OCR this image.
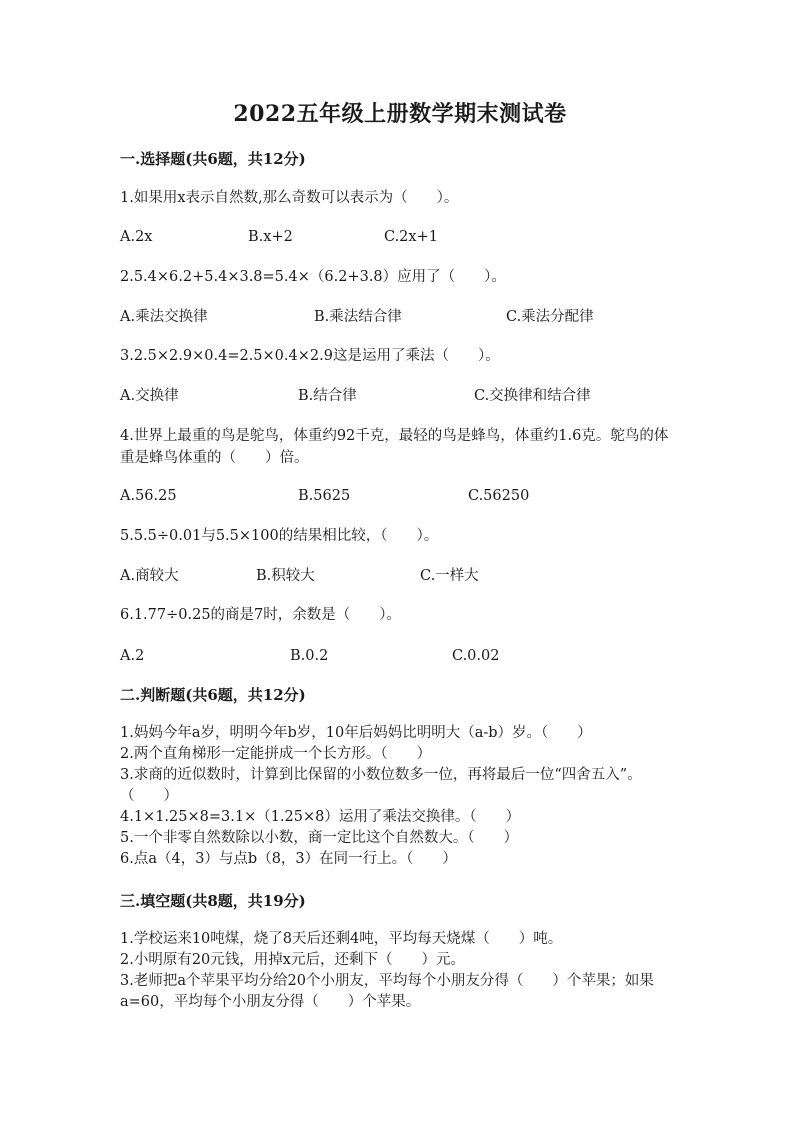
2022五年级上册数学期末测试卷
一.选择题(共6题，共12分)
1.如果用x表示自然数,那么奇数可以表示为（　　）。
A.2x	B.x+2	C.2x+1
2.5.4×6.2+5.4×3.8=5.4×（6.2+3.8）应用了（　　）。
A.乘法交换律	B.乘法结合律	C.乘法分配律
3.2.5×2.9×0.4=2.5×0.4×2.9这是运用了乘法（　　）。
A.交换律	B.结合律	C.交换律和结合律
4.世界上最重的鸟是鸵鸟，体重约92千克，最轻的鸟是蜂鸟，体重约1.6克。鸵鸟的体重是蜂鸟体重的（　　）倍。
A.56.25	B.5625	C.56250
5.5.5÷0.01与5.5×100的结果相比较，（　　）。
A.商较大	B.积较大	C.一样大
6.1.77÷0.25的商是7时，余数是（　　）。
A.2	B.0.2	C.0.02
二.判断题(共6题，共12分)
1.妈妈今年a岁，明明今年b岁，10年后妈妈比明明大（a-b）岁。（　　）
2.两个直角梯形一定能拼成一个长方形。（　　）
3.求商的近似数时，计算到比保留的小数位数多一位，再将最后一位“四舍五入”。（　　）
4.1×1.25×8=3.1×（1.25×8）运用了乘法交换律。（　　）
5.一个非零自然数除以小数，商一定比这个自然数大。（　　）
6.点a（4，3）与点b（8，3）在同一行上。（　　）
三.填空题(共8题，共19分)
1.学校运来10吨煤，烧了8天后还剩4吨，平均每天烧煤（　　）吨。
2.小明原有20元钱，用掉x元后，还剩下（　　）元。
3.老师把a个苹果平均分给20个小朋友，平均每个小朋友分得（　　）个苹果；如果a=60，平均每个小朋友分得（　　）个苹果。
